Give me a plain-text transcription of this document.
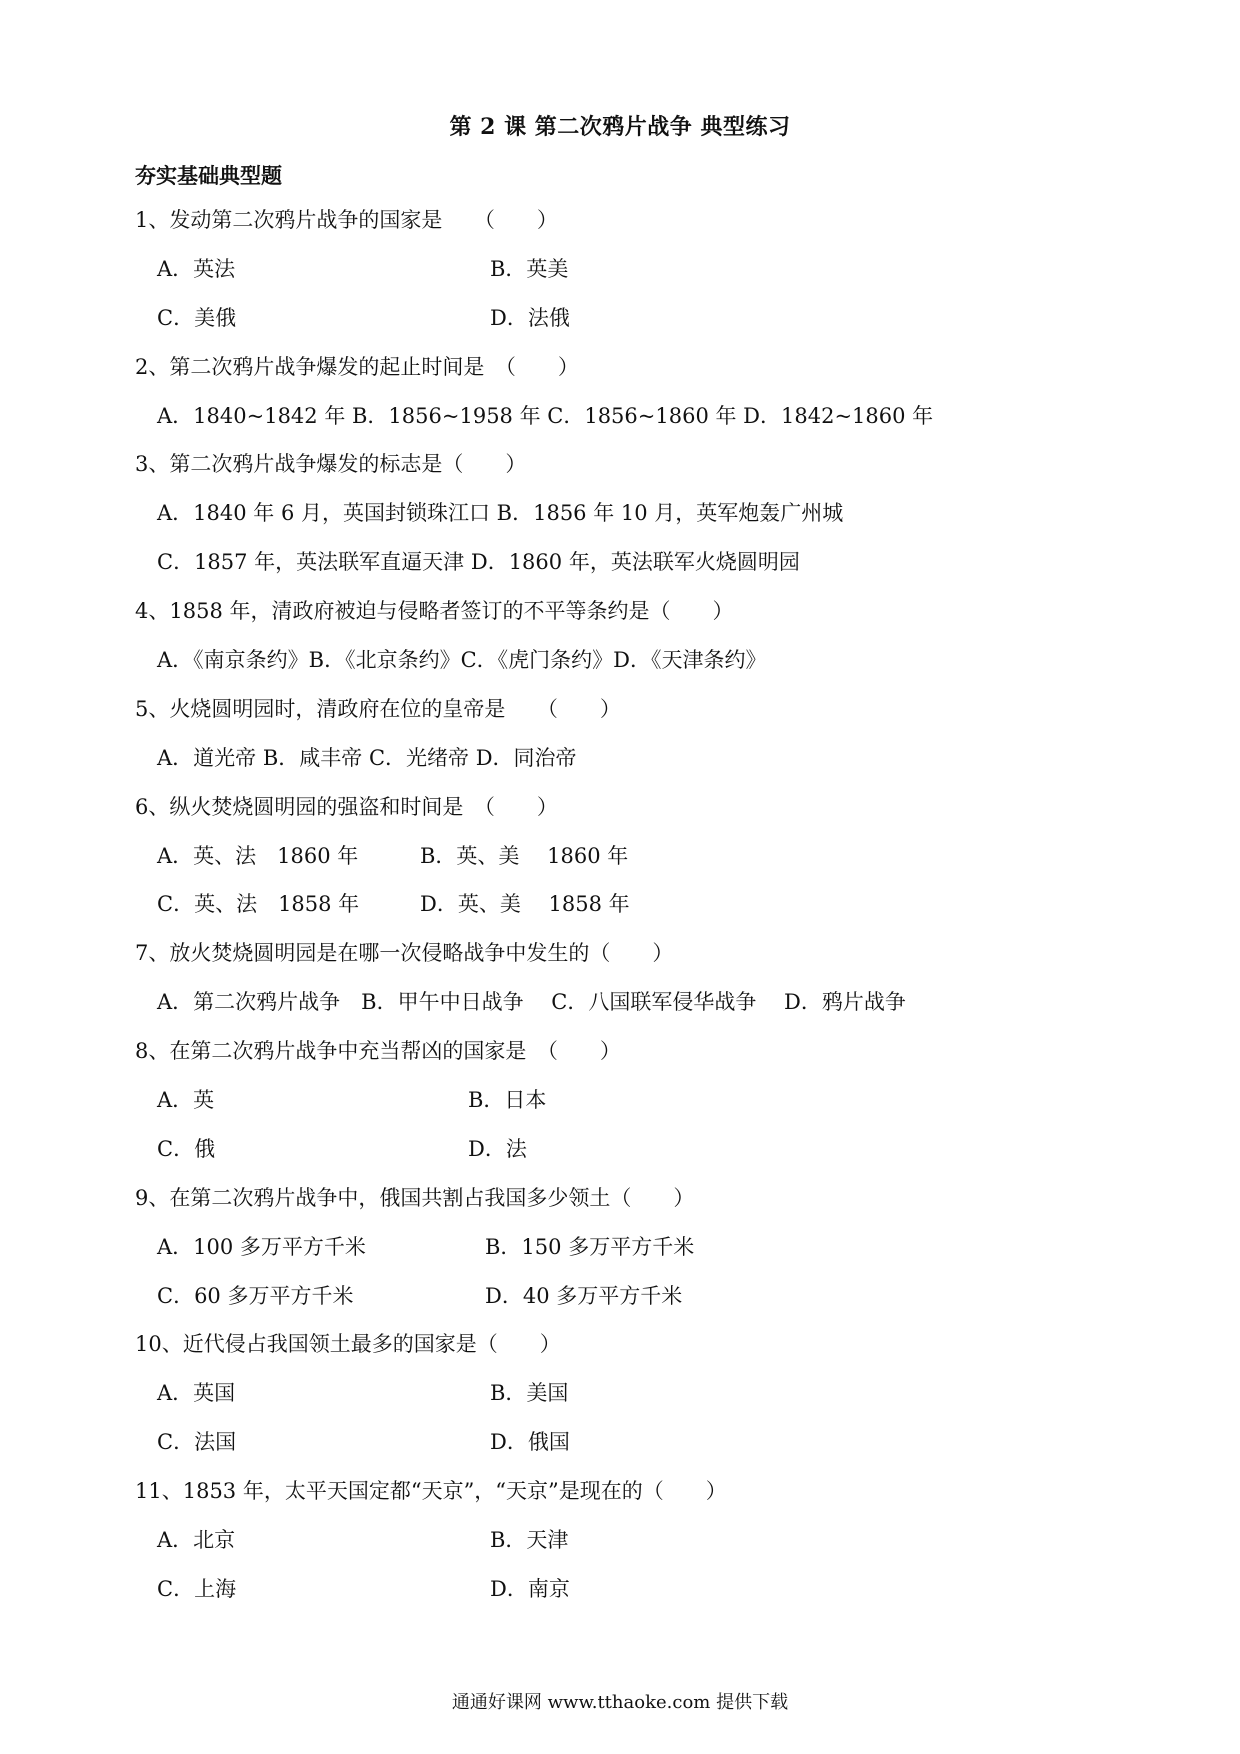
第 2 课 第二次鸦片战争 典型练习
夯实基础典型题
1、发动第二次鸦片战争的国家是　　（　　）
A．英法	B．英美
C．美俄	D．法俄
2、第二次鸦片战争爆发的起止时间是　（　　）
A．1840~1842 年 B．1856~1958 年 C．1856~1860 年 D．1842~1860 年
3、第二次鸦片战争爆发的标志是（　　）
A．1840 年 6 月，英国封锁珠江口 B．1856 年 10 月，英军炮轰广州城
C．1857 年，英法联军直逼天津 D．1860 年，英法联军火烧圆明园
4、1858 年，清政府被迫与侵略者签订的不平等条约是（　　）
A．《南京条约》B．《北京条约》C．《虎门条约》D．《天津条约》
5、火烧圆明园时，清政府在位的皇帝是　　（　　）
A．道光帝 B．咸丰帝 C．光绪帝 D．同治帝
6、纵火焚烧圆明园的强盗和时间是　（　　）
A．英、法　1860 年	B．英、美　 1860 年
C．英、法　1858 年	D．英、美　 1858 年
7、放火焚烧圆明园是在哪一次侵略战争中发生的（　　）
A．第二次鸦片战争　B．甲午中日战争　 C．八国联军侵华战争　 D．鸦片战争
8、在第二次鸦片战争中充当帮凶的国家是　（　　）
A．英	B．日本
C．俄	D．法
9、在第二次鸦片战争中，俄国共割占我国多少领土（　　）
A．100 多万平方千米	B．150 多万平方千米
C．60 多万平方千米	D．40 多万平方千米
10、近代侵占我国领土最多的国家是（　　）
A．英国	B．美国
C．法国	D．俄国
11、1853 年，太平天国定都“天京”，“天京”是现在的（　　）
A．北京	B．天津
C．上海	D．南京
通通好课网 www.tthaoke.com 提供下载
